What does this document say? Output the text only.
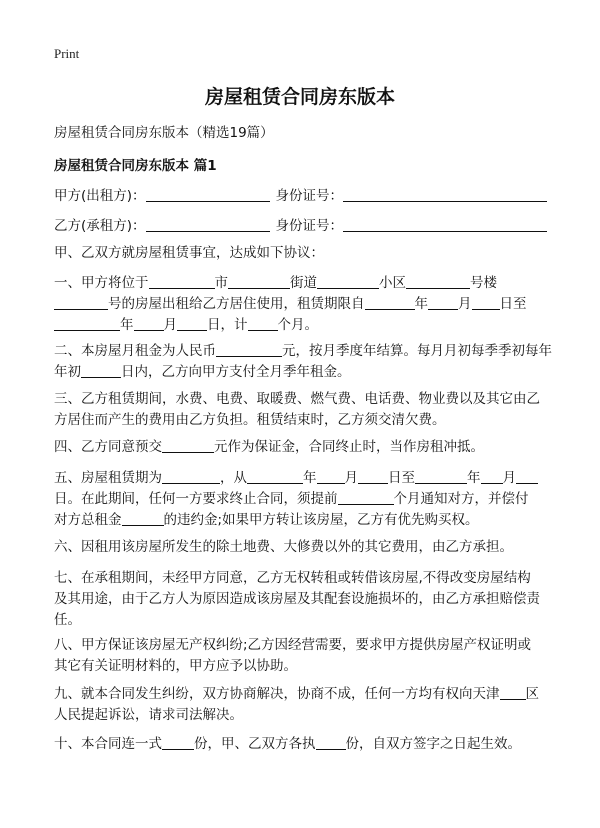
Print
房屋租赁合同房东版本
房屋租赁合同房东版本（精选19篇）
房屋租赁合同房东版本 篇1
甲方(出租方)：	身份证号：
乙方(承租方)：	身份证号：
甲、乙双方就房屋租赁事宜，达成如下协议：
一、甲方将位于	市	街道	小区	号楼
号的房屋出租给乙方居住使用，租赁期限自	年 月 日至
年 月 日，计 个月。
二、本房屋月租金为人民币	元，按月季度年结算。每月月初每季季初每年
年初	日内，乙方向甲方支付全月季年租金。
三、乙方租赁期间，水费、电费、取暖费、燃气费、电话费、物业费以及其它由乙
方居住而产生的费用由乙方负担。租赁结束时，乙方须交清欠费。
四、乙方同意预交	元作为保证金，合同终止时，当作房租冲抵。
五、房屋租赁期为	，从	年 月 日至	年 月
日。在此期间，任何一方要求终止合同，须提前	个月通知对方，并偿付
对方总租金	的违约金;如果甲方转让该房屋，乙方有优先购买权。
六、因租用该房屋所发生的除土地费、大修费以外的其它费用，由乙方承担。
七、在承租期间，未经甲方同意，乙方无权转租或转借该房屋,不得改变房屋结构
及其用途，由于乙方人为原因造成该房屋及其配套设施损坏的，由乙方承担赔偿责
任。
八、甲方保证该房屋无产权纠纷;乙方因经营需要，要求甲方提供房屋产权证明或
其它有关证明材料的，甲方应予以协助。
九、就本合同发生纠纷，双方协商解决，协商不成，任何一方均有权向天津 区
人民提起诉讼，请求司法解决。
十、本合同连一式 份，甲、乙双方各执 份，自双方签字之日起生效。
